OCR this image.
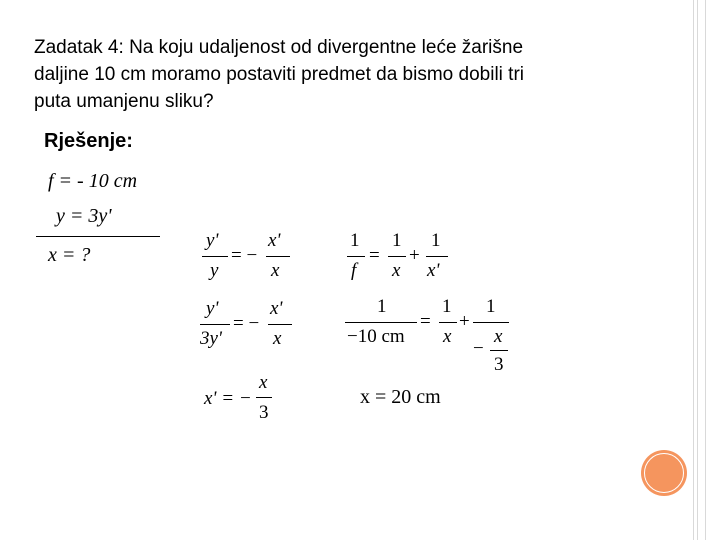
Zadatak 4: Na koju udaljenost od divergentne leće žarišne
daljine 10 cm moramo postaviti predmet da bismo dobili tri
puta umanjenu sliku?
Rješenje:
f = - 10 cm
y = 3y'
x = ?
y'
y
= −
x'
x
y'
3y'
= −
x'
x
x' = −
x
3
1
f
=
1
x
+
1
x'
1
−10 cm
=
1
x
+
1
−
x
3
x = 20 cm
